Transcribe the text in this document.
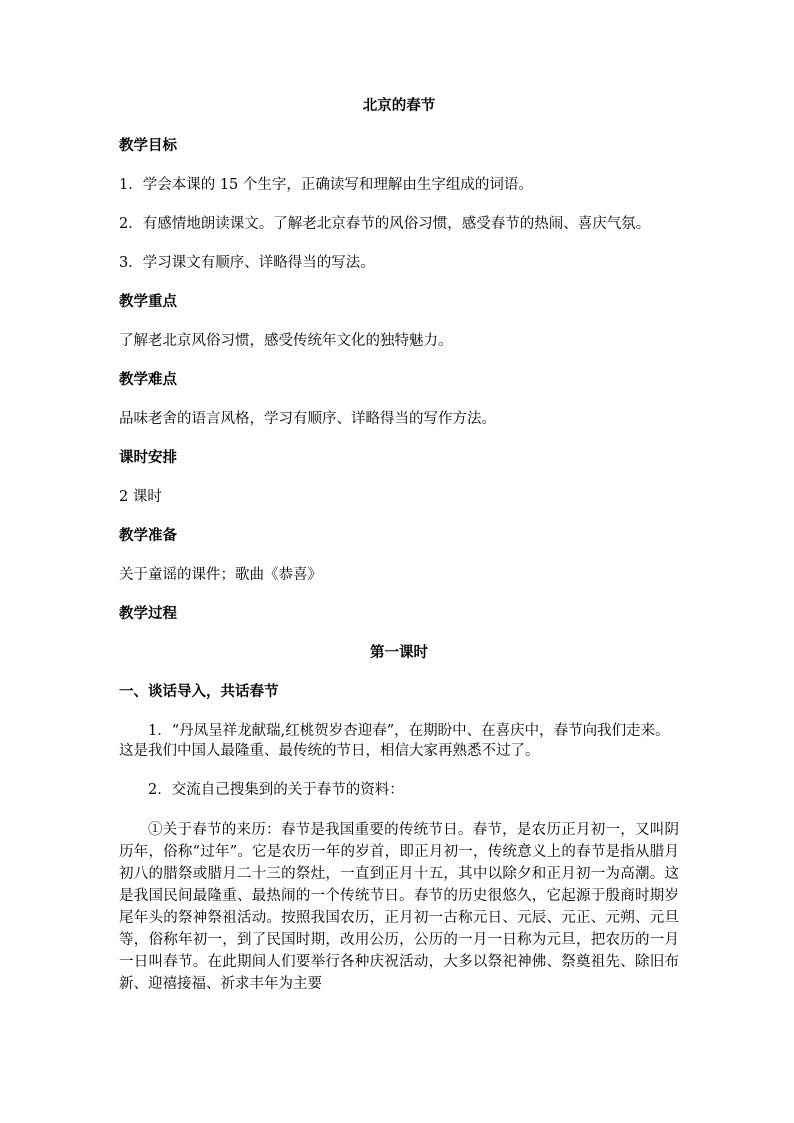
北京的春节
教学目标
1．学会本课的 15 个生字，正确读写和理解由生字组成的词语。
2．有感情地朗读课文。了解老北京春节的风俗习惯，感受春节的热闹、喜庆气氛。
3．学习课文有顺序、详略得当的写法。
教学重点
了解老北京风俗习惯，感受传统年文化的独特魅力。
教学难点
品味老舍的语言风格，学习有顺序、详略得当的写作方法。
课时安排
2 课时
教学准备
关于童谣的课件；歌曲《恭喜》
教学过程
第一课时
一、谈话导入，共话春节
1．“丹凤呈祥龙献瑞,红桃贺岁杏迎春”，在期盼中、在喜庆中，春节向我们走来。这是我们中国人最隆重、最传统的节日，相信大家再熟悉不过了。
2．交流自己搜集到的关于春节的资料：
①关于春节的来历：春节是我国重要的传统节日。春节，是农历正月初一，又叫阴历年，俗称“过年”。它是农历一年的岁首，即正月初一，传统意义上的春节是指从腊月初八的腊祭或腊月二十三的祭灶，一直到正月十五，其中以除夕和正月初一为高潮。这是我国民间最隆重、最热闹的一个传统节日。春节的历史很悠久，它起源于殷商时期岁尾年头的祭神祭祖活动。按照我国农历，正月初一古称元日、元辰、元正、元朔、元旦等，俗称年初一，到了民国时期，改用公历，公历的一月一日称为元旦，把农历的一月一日叫春节。在此期间人们要举行各种庆祝活动，大多以祭祀神佛、祭奠祖先、除旧布新、迎禧接福、祈求丰年为主要
